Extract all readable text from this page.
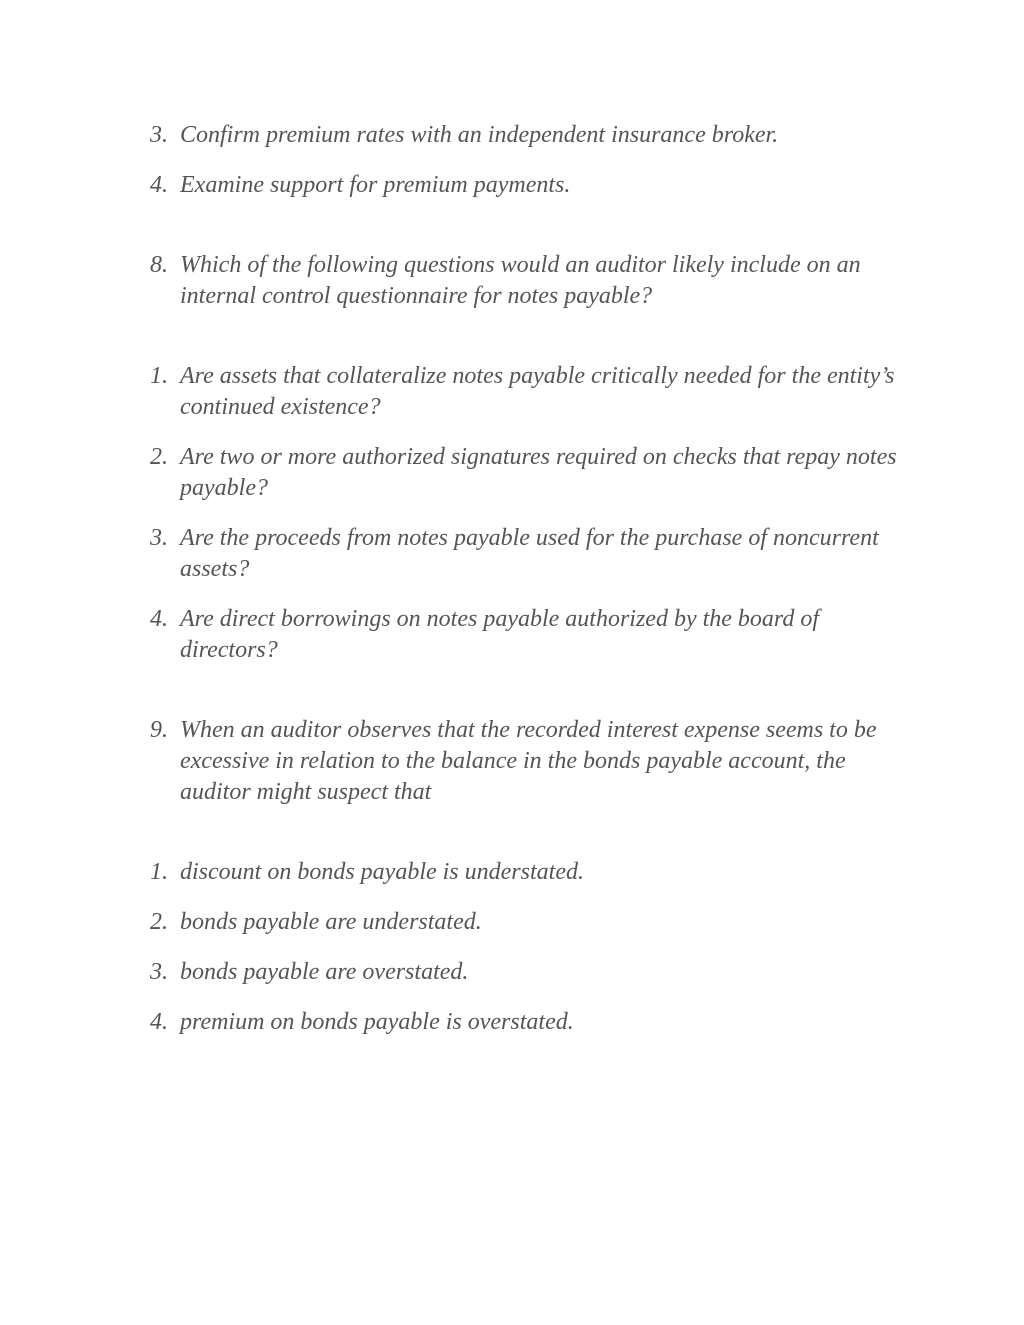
3. Confirm premium rates with an independent insurance broker.
4. Examine support for premium payments.
8. Which of the following questions would an auditor likely include on an internal control questionnaire for notes payable?
1. Are assets that collateralize notes payable critically needed for the entity’s continued existence?
2. Are two or more authorized signatures required on checks that repay notes payable?
3. Are the proceeds from notes payable used for the purchase of noncurrent assets?
4. Are direct borrowings on notes payable authorized by the board of directors?
9. When an auditor observes that the recorded interest expense seems to be excessive in relation to the balance in the bonds payable account, the auditor might suspect that
1. discount on bonds payable is understated.
2. bonds payable are understated.
3. bonds payable are overstated.
4. premium on bonds payable is overstated.
